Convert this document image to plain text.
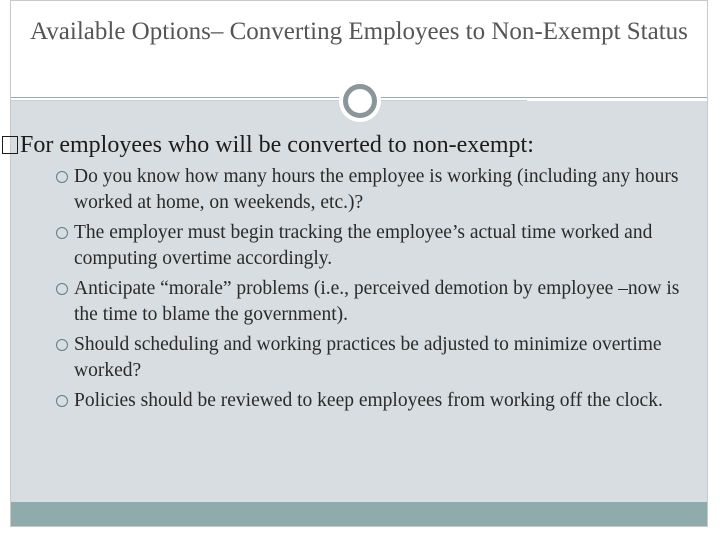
Available Options– Converting Employees to Non-Exempt Status
For employees who will be converted to non-exempt:
Do you know how many hours the employee is working (including any hours worked at home, on weekends, etc.)?
The employer must begin tracking the employee’s actual time worked and computing overtime accordingly.
Anticipate “morale” problems (i.e., perceived demotion by employee –now is the time to blame the government).
Should scheduling and working practices be adjusted to minimize overtime worked?
Policies should be reviewed to keep employees from working off the clock.
